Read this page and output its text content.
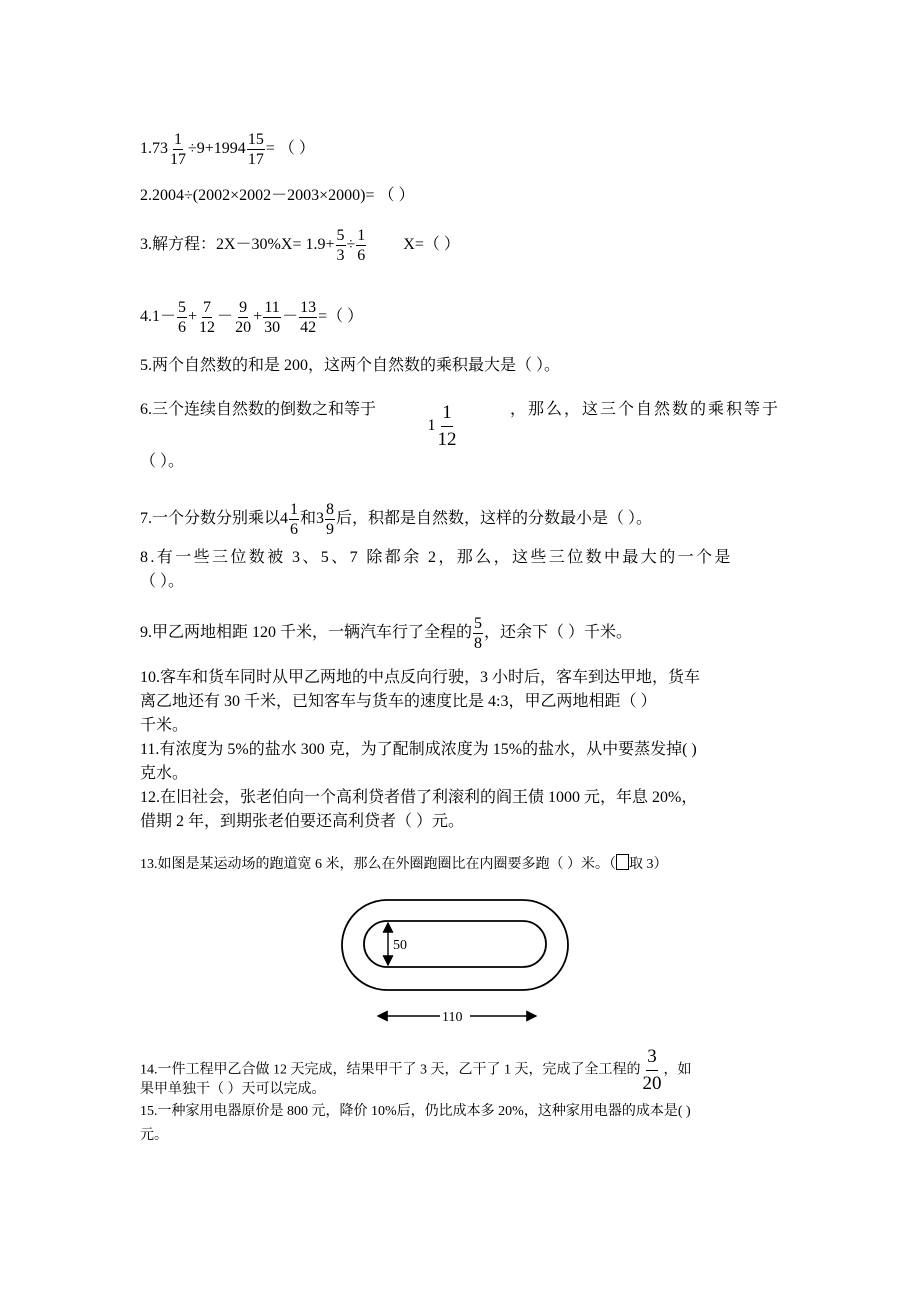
$1.73 \frac{1}{17} \div 9+1994 \frac{15}{17}$ = （ ）
2.2004÷(2002×2002－2003×2000)= （ ）
3.解方程：$2X-30\%X= 1.9+ \frac{5}{3} \div \frac{1}{6} X=$（ ）
$4.1- \frac{5}{6} + \frac{7}{12} - \frac{9}{20} + \frac{11}{30} - \frac{13}{42}$ =（ ）
5.两个自然数的和是 200，这两个自然数的乘积最大是（ ）。
6.三个连续自然数的倒数之和等于
$1 \frac{1}{12}$	，那么，这三个自然数的乘积等于
（ ）。
7.一个分数分别乘以$4 \frac{1}{6}$ 和$3 \frac{8}{9}$ 后，积都是自然数，这样的分数最小是（ ）。
8.有一些三位数被 3、5、7 除都余 2，那么，这些三位数中最大的一个是
（ ）。
9.甲乙两地相距 120 千米，一辆汽车行了全程的 $\frac{5}{8}$ ，还余下（ ）千米。
10.客车和货车同时从甲乙两地的中点反向行驶，3 小时后，客车到达甲地，货车
离乙地还有 30 千米，已知客车与货车的速度比是 4:3，甲乙两地相距（ ）
千米。
11.有浓度为 5%的盐水 300 克，为了配制成浓度为 15%的盐水，从中要蒸发掉( )
克水。
12.在旧社会，张老伯向一个高利贷者借了利滚利的阎王债 1000 元，年息 20%，
借期 2 年，到期张老伯要还高利贷者（ ）元。
13.如图是某运动场的跑道宽 6 米，那么在外圈跑圈比在内圈要多跑（ ）米。（ 取 3）
50
110
14.一件工程甲乙合做 12 天完成，结果甲干了 3 天，乙干了 1 天，完成了全工程的 $\frac{3}{20}$ ，如
果甲单独干（ ）天可以完成。
15.一种家用电器原价是 800 元，降价 10%后，仍比成本多 20%，这种家用电器的成本是( )
元。
